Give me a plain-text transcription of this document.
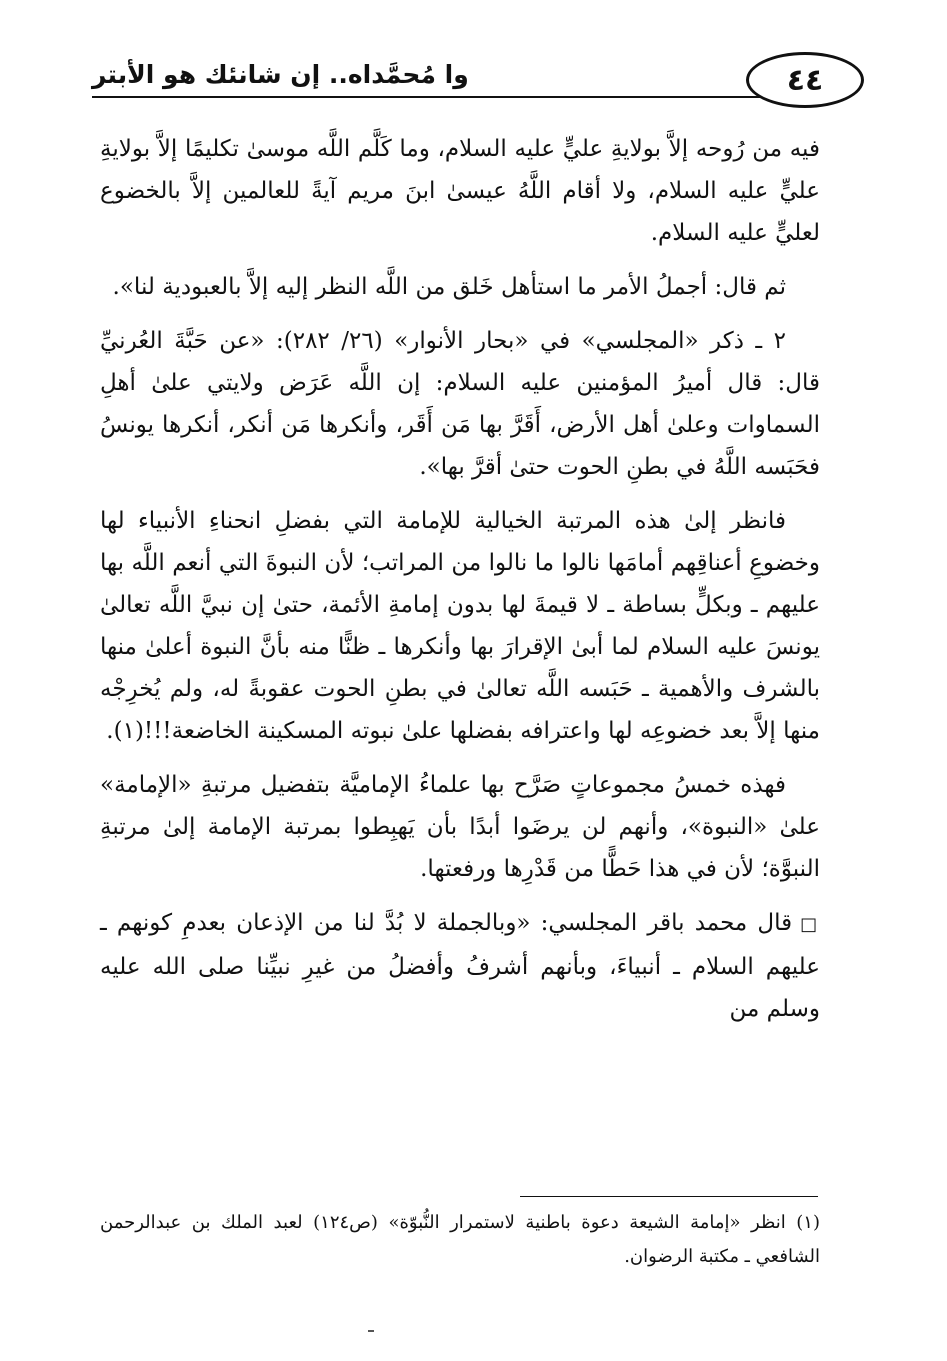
٤٤
وا مُحمَّداه.. إن شانئك هو الأبتر

فيه من رُوحه إلاَّ بولايةِ عليٍّ عليه السلام، وما كَلَّم اللَّه موسىٰ تكليمًا إلاَّ بولايةِ عليٍّ عليه السلام، ولا أقام اللَّهُ عيسىٰ ابنَ مريم آيةً للعالمين إلاَّ بالخضوع لعليٍّ عليه السلام.

ثم قال: أجملُ الأمر ما استأهل خَلق من اللَّه النظر إليه إلاَّ بالعبودية لنا».

٢ ـ ذكر «المجلسي» في «بحار الأنوار» (٢٦/ ٢٨٢): «عن حَبَّةَ العُرنيِّ قال: قال أميرُ المؤمنين عليه السلام: إن اللَّه عَرَض ولايتي علىٰ أهلِ السماوات وعلىٰ أهل الأرض، أَقَرَّ بها مَن أَقَر، وأنكرها مَن أنكر، أنكرها يونسُ فحَبَسه اللَّهُ في بطنِ الحوت حتىٰ أقرَّ بها».

فانظر إلىٰ هذه المرتبة الخيالية للإمامة التي بفضلِ انحناءِ الأنبياء لها وخضوعِ أعناقِهم أمامَها نالوا ما نالوا من المراتب؛ لأن النبوةَ التي أنعم اللَّه بها عليهم ـ وبكلٍّ بساطة ـ لا قيمةَ لها بدون إمامةِ الأئمة، حتىٰ إن نبيَّ اللَّه تعالىٰ يونسَ عليه السلام لما أبىٰ الإقرارَ بها وأنكرها ـ ظنًّا منه بأنَّ النبوة أعلىٰ منها بالشرف والأهمية ـ حَبَسه اللَّه تعالىٰ في بطنِ الحوت عقوبةً له، ولم يُخرِجْه منها إلاَّ بعد خضوعِه لها واعترافه بفضلها علىٰ نبوته المسكينة الخاضعة!!!(١).

فهذه خمسُ مجموعاتٍ صَرَّح بها علماءُ الإماميَّة بتفضيل مرتبةِ «الإمامة» علىٰ «النبوة»، وأنهم لن يرضَوا أبدًا بأن يَهبِطوا بمرتبة الإمامة إلىٰ مرتبةِ النبوَّة؛ لأن في هذا حَطًّا من قَدْرِها ورفعتها.

□ قال محمد باقر المجلسي: «وبالجملة لا بُدَّ لنا من الإذعان بعدمِ كونهم ـ عليهم السلام ـ أنبياءَ، وبأنهم أشرفُ وأفضلُ من غيرِ نبيِّنا صلى الله عليه وسلم من

(١) انظر «إمامة الشيعة دعوة باطنية لاستمرار النُّبوّة» (ص١٢٤) لعبد الملك بن عبدالرحمن الشافعي ـ مكتبة الرضوان.
